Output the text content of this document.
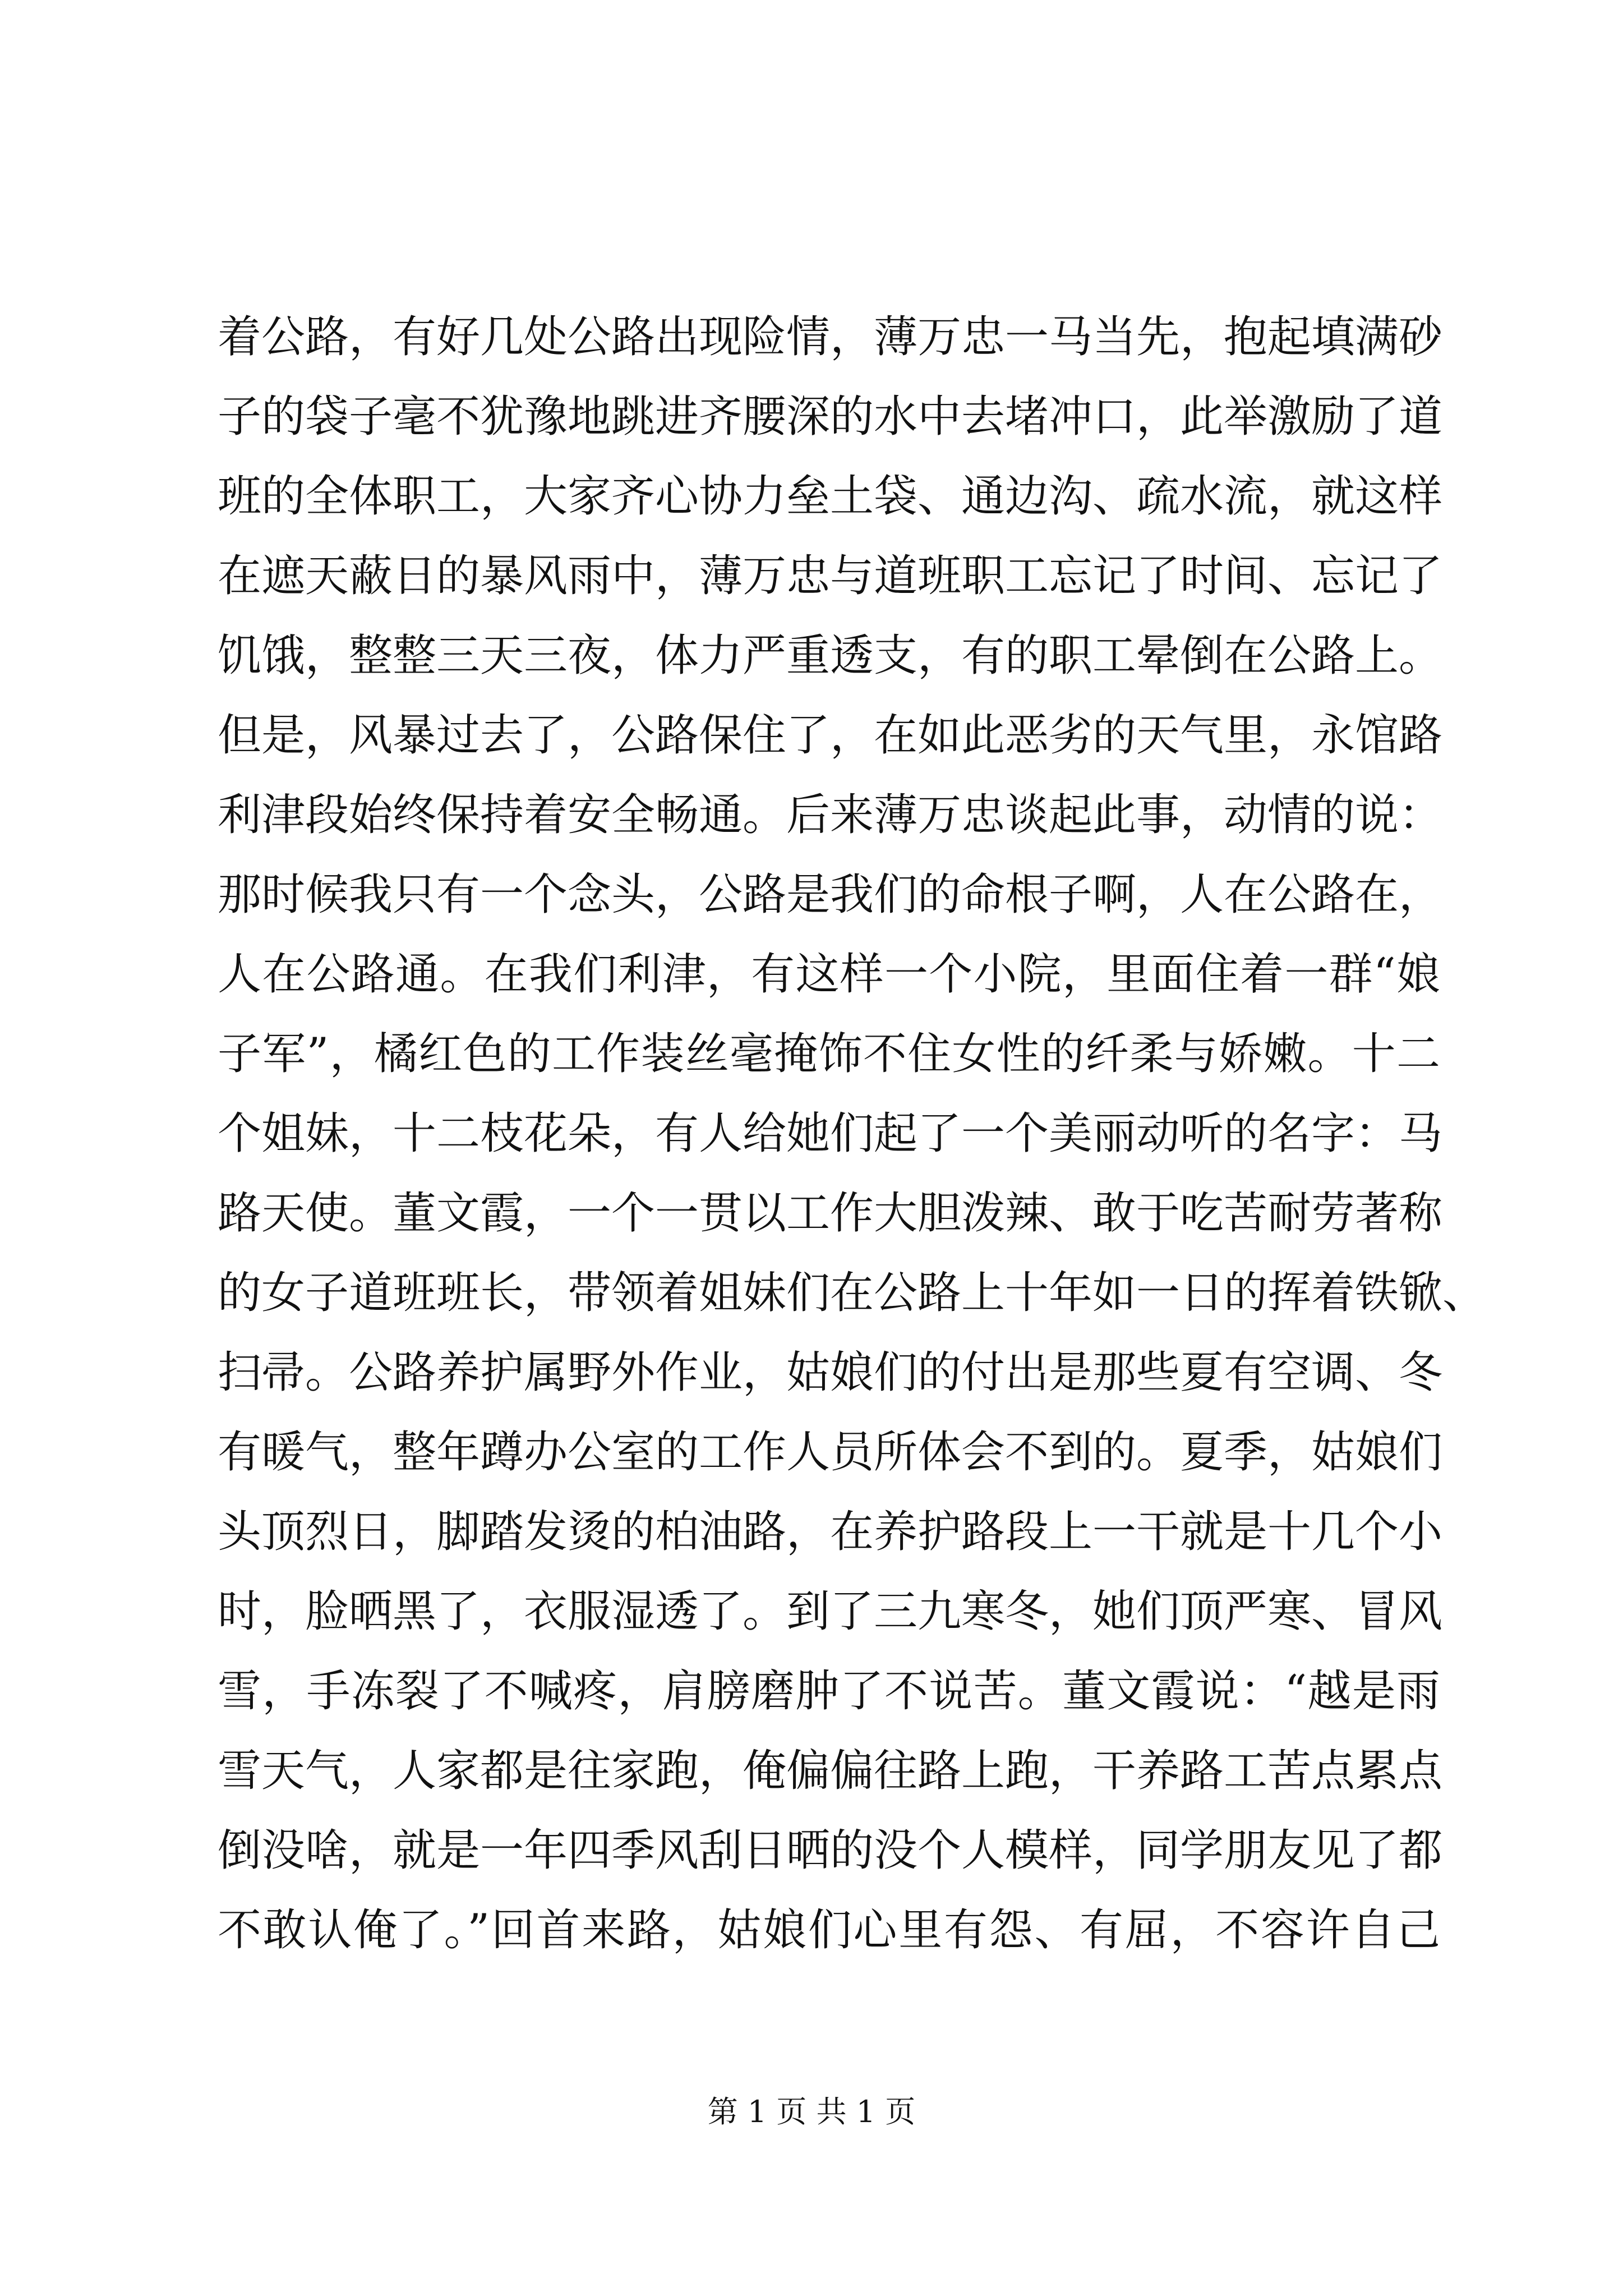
着公路，有好几处公路出现险情，薄万忠一马当先，抱起填满砂
子的袋子毫不犹豫地跳进齐腰深的水中去堵冲口，此举激励了道
班的全体职工，大家齐心协力垒土袋、通边沟、疏水流，就这样
在遮天蔽日的暴风雨中，薄万忠与道班职工忘记了时间、忘记了
饥饿，整整三天三夜，体力严重透支，有的职工晕倒在公路上。
但是，风暴过去了，公路保住了，在如此恶劣的天气里，永馆路
利津段始终保持着安全畅通。后来薄万忠谈起此事，动情的说：
那时候我只有一个念头，公路是我们的命根子啊，人在公路在，
人在公路通。在我们利津，有这样一个小院，里面住着一群“娘
子军”，橘红色的工作装丝毫掩饰不住女性的纤柔与娇嫩。十二
个姐妹，十二枝花朵，有人给她们起了一个美丽动听的名字：马
路天使。董文霞，一个一贯以工作大胆泼辣、敢于吃苦耐劳著称
的女子道班班长，带领着姐妹们在公路上十年如一日的挥着铁锨、
扫帚。公路养护属野外作业，姑娘们的付出是那些夏有空调、冬
有暖气，整年蹲办公室的工作人员所体会不到的。夏季，姑娘们
头顶烈日，脚踏发烫的柏油路，在养护路段上一干就是十几个小
时，脸晒黑了，衣服湿透了。到了三九寒冬，她们顶严寒、冒风
雪，手冻裂了不喊疼，肩膀磨肿了不说苦。董文霞说：“越是雨
雪天气，人家都是往家跑，俺偏偏往路上跑，干养路工苦点累点
倒没啥，就是一年四季风刮日晒的没个人模样，同学朋友见了都
不敢认俺了。”回首来路，姑娘们心里有怨、有屈，不容许自己
第 1 页 共 1 页
